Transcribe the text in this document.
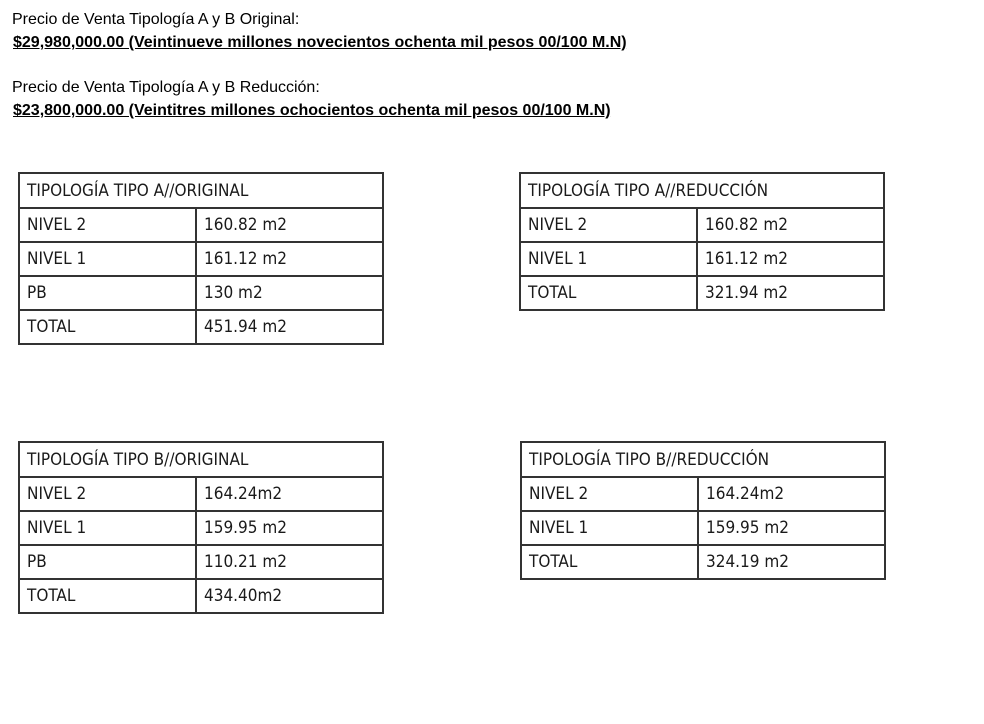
Precio de Venta Tipología A y B Original:

$29,980,000.00 (Veintinueve millones novecientos ochenta mil pesos 00/100 M.N)

Precio de Venta Tipología A y B Reducción:

$23,800,000.00 (Veintitres millones ochocientos ochenta mil pesos 00/100 M.N)

TIPOLOGÍA TIPO A//ORIGINAL	
NIVEL 2	160.82 m2
NIVEL 1	161.12 m2
PB	130 m2
TOTAL	451.94 m2
TIPOLOGÍA TIPO A//REDUCCIÓN	
NIVEL 2	160.82 m2
NIVEL 1	161.12 m2
TOTAL	321.94 m2
TIPOLOGÍA TIPO B//ORIGINAL	
NIVEL 2	164.24m2
NIVEL 1	159.95 m2
PB	110.21 m2
TOTAL	434.40m2
TIPOLOGÍA TIPO B//REDUCCIÓN	
NIVEL 2	164.24m2
NIVEL 1	159.95 m2
TOTAL	324.19 m2
